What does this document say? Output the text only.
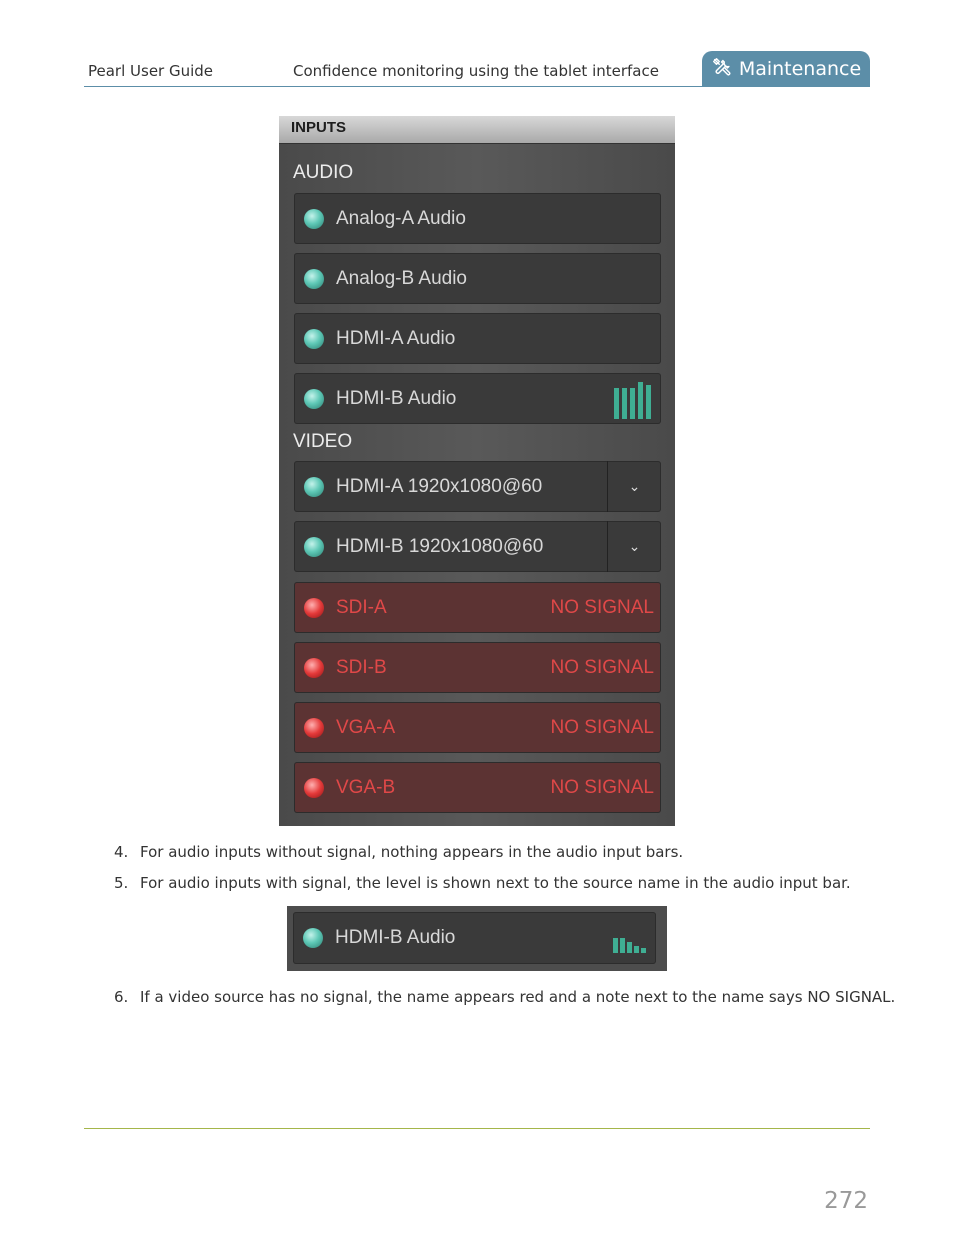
Pearl User Guide	Confidence monitoring using the tablet interface	Maintenance
INPUTS
AUDIO
Analog-A Audio
Analog-B Audio
HDMI-A Audio
HDMI-B Audio
VIDEO
HDMI-A 1920x1080@60	⌄
HDMI-B 1920x1080@60	⌄
SDI-A	NO SIGNAL
SDI-B	NO SIGNAL
VGA-A	NO SIGNAL
VGA-B	NO SIGNAL
4. For audio inputs without signal, nothing appears in the audio input bars.
5. For audio inputs with signal, the level is shown next to the source name in the audio input bar.
HDMI-B Audio
6. If a video source has no signal, the name appears red and a note next to the name says NO SIGNAL.
272
